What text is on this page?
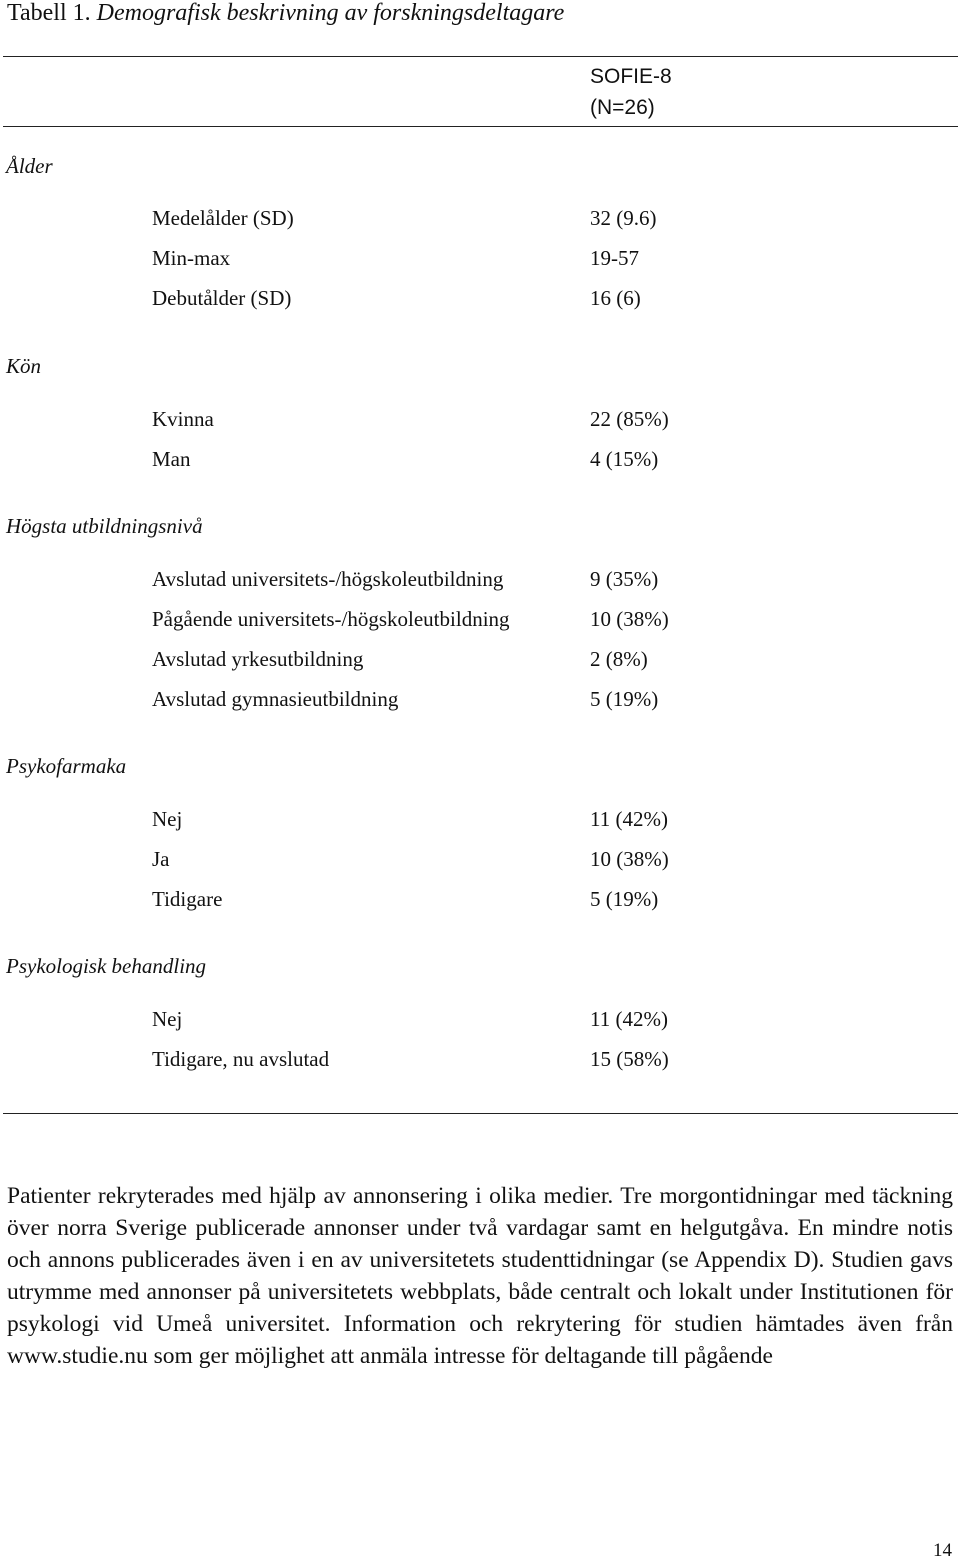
Tabell 1. Demografisk beskrivning av forskningsdeltagare
SOFIE-8
(N=26)
Ålder
Medelålder (SD)	32 (9.6)
Min-max	19-57
Debutålder (SD)	16 (6)
Kön
Kvinna	22 (85%)
Man	4 (15%)
Högsta utbildningsnivå
Avslutad universitets-/högskoleutbildning	9 (35%)
Pågående universitets-/högskoleutbildning	10 (38%)
Avslutad yrkesutbildning	2 (8%)
Avslutad gymnasieutbildning	5 (19%)
Psykofarmaka
Nej	11 (42%)
Ja	10 (38%)
Tidigare	5 (19%)
Psykologisk behandling
Nej	11 (42%)
Tidigare, nu avslutad	15 (58%)

Patienter rekryterades med hjälp av annonsering i olika medier. Tre morgontidningar med täckning över norra Sverige publicerade annonser under två vardagar samt en helgutgåva. En mindre notis och annons publicerades även i en av universitetets studenttidningar (se Appendix D). Studien gavs utrymme med annonser på universitetets webbplats, både centralt och lokalt under Institutionen för psykologi vid Umeå universitet. Information och rekrytering för studien hämtades även från www.studie.nu som ger möjlighet att anmäla intresse för deltagande till pågående

14
